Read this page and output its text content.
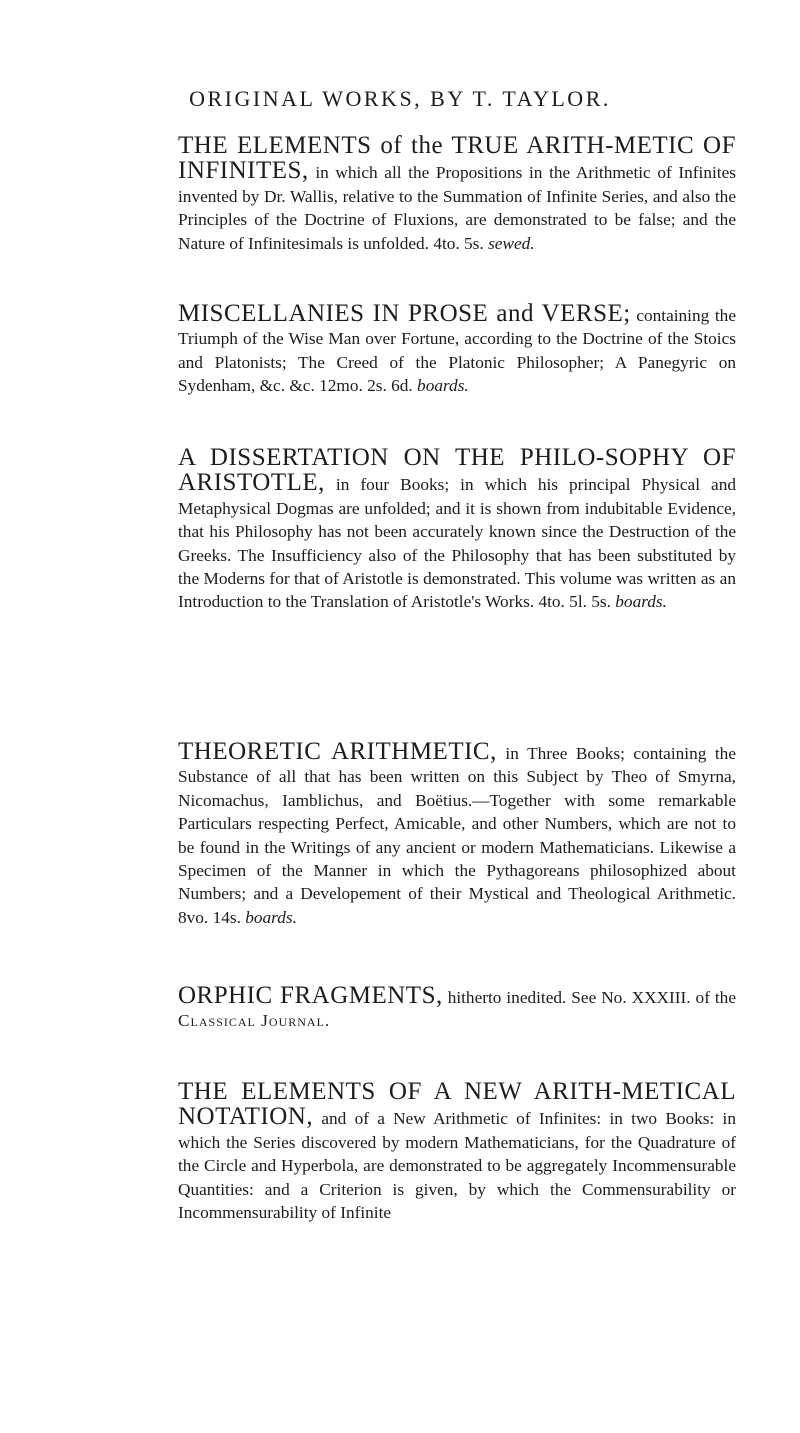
ORIGINAL WORKS, BY T. TAYLOR.

THE ELEMENTS of the TRUE ARITH-METIC OF INFINITES, in which all the Propositions in the Arithmetic of Infinites invented by Dr. Wallis, relative to the Summation of Infinite Series, and also the Principles of the Doctrine of Fluxions, are demonstrated to be false; and the Nature of Infinitesimals is unfolded. 4to. 5s. sewed.

MISCELLANIES IN PROSE and VERSE; containing the Triumph of the Wise Man over Fortune, according to the Doctrine of the Stoics and Platonists; The Creed of the Platonic Philosopher; A Panegyric on Sydenham, &c. &c. 12mo. 2s. 6d. boards.

A DISSERTATION ON THE PHILO-SOPHY OF ARISTOTLE, in four Books; in which his principal Physical and Metaphysical Dogmas are unfolded; and it is shown from indubitable Evidence, that his Philosophy has not been accurately known since the Destruction of the Greeks. The Insufficiency also of the Philosophy that has been substituted by the Moderns for that of Aristotle is demonstrated. This volume was written as an Introduction to the Translation of Aristotle's Works. 4to. 5l. 5s. boards.

THEORETIC ARITHMETIC, in Three Books; containing the Substance of all that has been written on this Subject by Theo of Smyrna, Nicomachus, Iamblichus, and Boëtius.—Together with some remarkable Particulars respecting Perfect, Amicable, and other Numbers, which are not to be found in the Writings of any ancient or modern Mathematicians. Likewise a Specimen of the Manner in which the Pythagoreans philosophized about Numbers; and a Developement of their Mystical and Theological Arithmetic. 8vo. 14s. boards.

ORPHIC FRAGMENTS, hitherto inedited. See No. XXXIII. of the Classical Journal.

THE ELEMENTS OF A NEW ARITH-METICAL NOTATION, and of a New Arithmetic of Infinites: in two Books: in which the Series discovered by modern Mathematicians, for the Quadrature of the Circle and Hyperbola, are demonstrated to be aggregately Incommensurable Quantities: and a Criterion is given, by which the Commensurability or Incommensurability of Infinite
